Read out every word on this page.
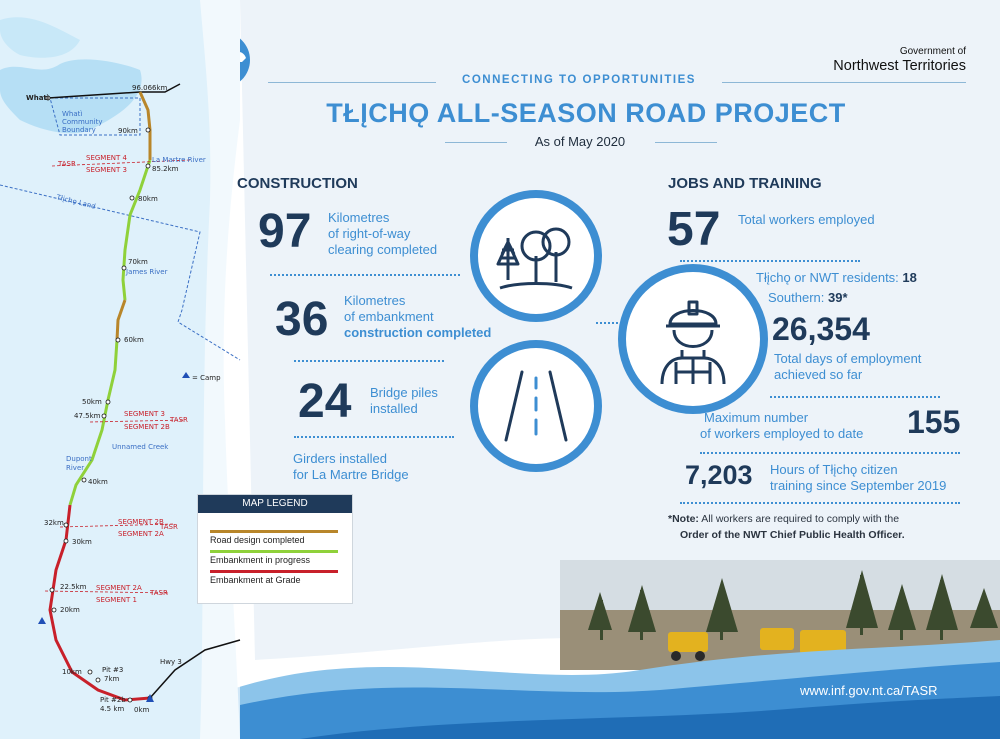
Whatì
Whatì Community Boundary
96.066km
90km
TASR
SEGMENT 4
SEGMENT 3
La Martre River
85.2km
Tłįchǫ Land	80km
70km
James River
60km
50km
47.5km	SEGMENT 3
TASR
SEGMENT 2B
Unnamed Creek
Dupont River
40km
32km	SEGMENT 2B
TASR
SEGMENT 2A
30km
22.5km SEGMENT 2A
TASR
SEGMENT 1
20km
10km	Pit #3
7km
Hwy 3
Pit #2b
4.5 km 0km
= Camp
MAP LEGEND
Road design completed
Embankment in progress
Embankment at Grade
CONNECTING TO OPPORTUNITIES
TŁĮCHǪ ALL-SEASON ROAD PROJECT
As of May 2020
Government of
Northwest Territories
CONSTRUCTION
97 Kilometres
of right-of-way
clearing completed
36 Kilometres
of embankment
construction completed
24 Bridge piles
installed
Girders installed
for La Martre Bridge
JOBS AND TRAINING
57 Total workers employed
Tłįchǫ or NWT residents: 18
Southern: 39*
26,354
Total days of employment
achieved so far
Maximum number
of workers employed to date 155
7,203 Hours of Tłįchǫ citizen
training since September 2019
*Note: All workers are required to comply with the
Order of the NWT Chief Public Health Officer.
www.inf.gov.nt.ca/TASR
